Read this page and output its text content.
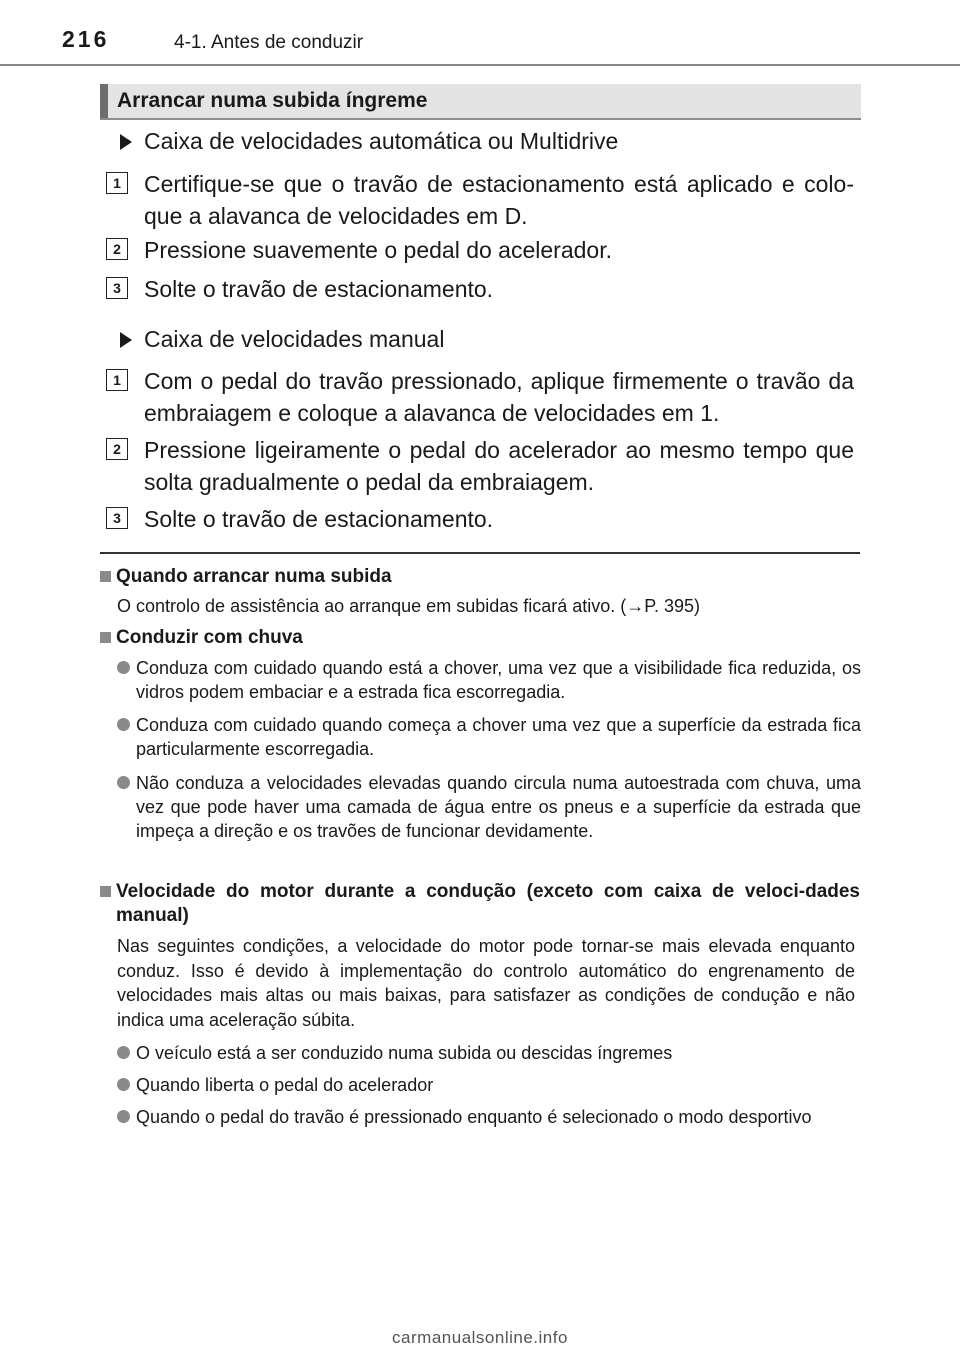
216	4-1. Antes de conduzir
Arrancar numa subida íngreme
Caixa de velocidades automática ou Multidrive
1	Certifique-se que o travão de estacionamento está aplicado e colo-que a alavanca de velocidades em D.
2	Pressione suavemente o pedal do acelerador.
3	Solte o travão de estacionamento.
Caixa de velocidades manual
1	Com o pedal do travão pressionado, aplique firmemente o travão da embraiagem e coloque a alavanca de velocidades em 1.
2	Pressione ligeiramente o pedal do acelerador ao mesmo tempo que solta gradualmente o pedal da embraiagem.
3	Solte o travão de estacionamento.
Quando arrancar numa subida
O controlo de assistência ao arranque em subidas ficará ativo. (→P. 395)
Conduzir com chuva
Conduza com cuidado quando está a chover, uma vez que a visibilidade fica reduzida, os vidros podem embaciar e a estrada fica escorregadia.
Conduza com cuidado quando começa a chover uma vez que a superfície da estrada fica particularmente escorregadia.
Não conduza a velocidades elevadas quando circula numa autoestrada com chuva, uma vez que pode haver uma camada de água entre os pneus e a superfície da estrada que impeça a direção e os travões de funcionar devidamente.
Velocidade do motor durante a condução (exceto com caixa de veloci-dades manual)
Nas seguintes condições, a velocidade do motor pode tornar-se mais elevada enquanto conduz. Isso é devido à implementação do controlo automático do engrenamento de velocidades mais altas ou mais baixas, para satisfazer as condições de condução e não indica uma aceleração súbita.
O veículo está a ser conduzido numa subida ou descidas íngremes
Quando liberta o pedal do acelerador
Quando o pedal do travão é pressionado enquanto é selecionado o modo desportivo
carmanualsonline.info
